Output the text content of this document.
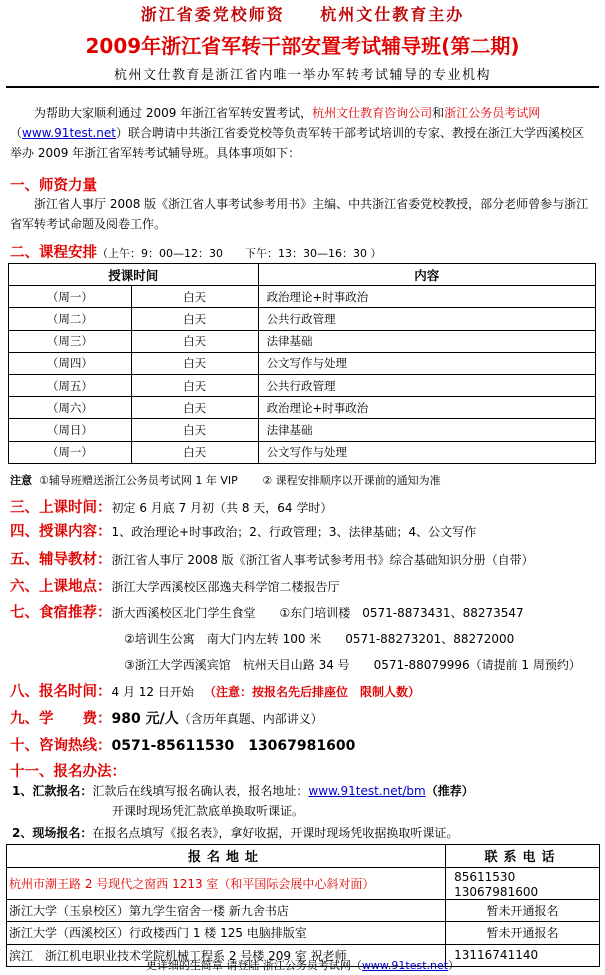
浙江省委党校师资 杭州文仕教育主办
2009年浙江省军转干部安置考试辅导班(第二期)
杭州文仕教育是浙江省内唯一举办军转考试辅导的专业机构
为帮助大家顺利通过 2009 年浙江省军转安置考试，杭州文仕教育咨询公司和浙江公务员考试网（www.91test.net）联合聘请中共浙江省委党校等负责军转干部考试培训的专家、教授在浙江大学西溪校区举办 2009 年浙江省军转考试辅导班。具体事项如下：
一、师资力量
浙江省人事厅 2008 版《浙江省人事考试参考用书》主编、中共浙江省委党校教授，部分老师曾参与浙江省军转考试命题及阅卷工作。
二、课程安排（上午：9：00—12：30　　下午：13：30—16：30 ）
授课时间		内容
（周一）	白天	政治理论+时事政治
（周二）	白天	公共行政管理
（周三）	白天	法律基础
（周四）	白天	公文写作与处理
（周五）	白天	公共行政管理
（周六）	白天	政治理论+时事政治
（周日）	白天	法律基础
（周一）	白天	公文写作与处理
注意 ①辅导班赠送浙江公务员考试网 1 年 VIP ② 课程安排顺序以开课前的通知为准
三、上课时间：初定 6 月底 7 月初（共 8 天，64 学时）
四、授课内容：1、政治理论+时事政治；2、行政管理；3、法律基础；4、公文写作
五、辅导教材：浙江省人事厅 2008 版《浙江省人事考试参考用书》综合基础知识分册（自带）
六、上课地点：浙江大学西溪校区邵逸夫科学馆二楼报告厅
七、食宿推荐：浙大西溪校区北门学生食堂　　①东门培训楼　0571-8873431、88273547
②培训生公寓　南大门内左转 100 米　　0571-88273201、88272000
③浙江大学西溪宾馆　杭州天目山路 34 号　　0571-88079996（请提前 1 周预约）
八、报名时间：4 月 12 日开始 （注意：按报名先后排座位　限制人数）
九、学　　费：980 元/人（含历年真题、内部讲义）
十、咨询热线：0571-85611530　13067981600
十一、报名办法：
1、汇款报名：汇款后在线填写报名确认表，报名地址：www.91test.net/bm（推荐）
开课时现场凭汇款底单换取听课证。
2、现场报名：在报名点填写《报名表》，拿好收据，开课时现场凭收据换取听课证。
报名地址	联系电话
杭州市潮王路 2 号现代之窗西 1213 室（和平国际会展中心斜对面）	85611530　13067981600
浙江大学（玉泉校区）第九学生宿舍一楼 新九舍书店	暂未开通报名
浙江大学（西溪校区）行政楼西门 1 楼 125 电脑排版室	暂未开通报名
滨江　浙江机电职业技术学院机械工程系 2 号楼 209 室 祝老师	13116741140
更详细的生简章 请登陆 浙江公务员考试网（www.91test.net）
